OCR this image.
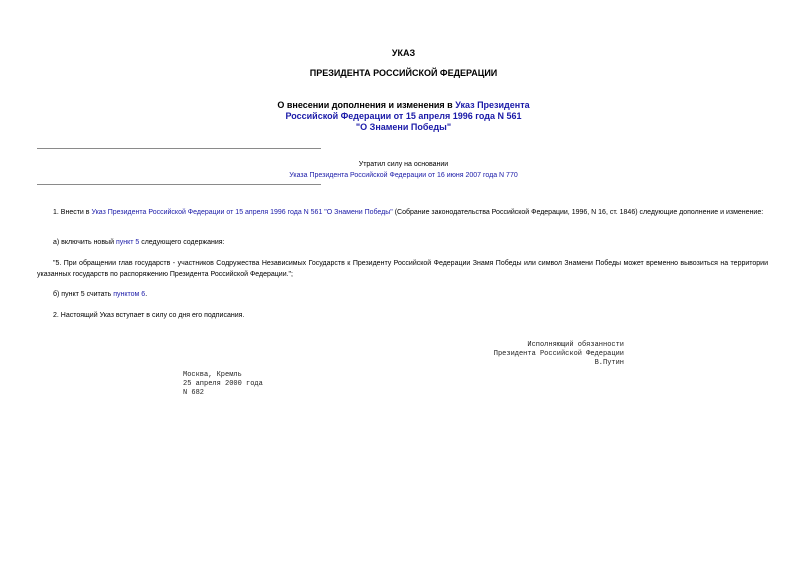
УКАЗ
ПРЕЗИДЕНТА РОССИЙСКОЙ ФЕДЕРАЦИИ
О внесении дополнения и изменения в Указ Президента
Российской Федерации от 15 апреля 1996 года N 561
"О Знамени Победы"
Утратил силу на основании
Указа Президента Российской Федерации от 16 июня 2007 года N 770
1. Внести в Указ Президента Российской Федерации от 15 апреля 1996 года N 561 "О Знамени Победы" (Собрание законодательства Российской Федерации, 1996, N 16, ст. 1846) следующие дополнение и изменение:
а) включить новый пункт 5 следующего содержания:
"5. При обращении глав государств - участников Содружества Независимых Государств к Президенту Российской Федерации Знамя Победы или символ Знамени Победы может временно вывозиться на территории указанных государств по распоряжению Президента Российской Федерации.";
б) пункт 5 считать пунктом 6.
2. Настоящий Указ вступает в силу со дня его подписания.
Исполняющий обязанности
Президента Российской Федерации
В.Путин
Москва, Кремль
25 апреля 2000 года
N 682
